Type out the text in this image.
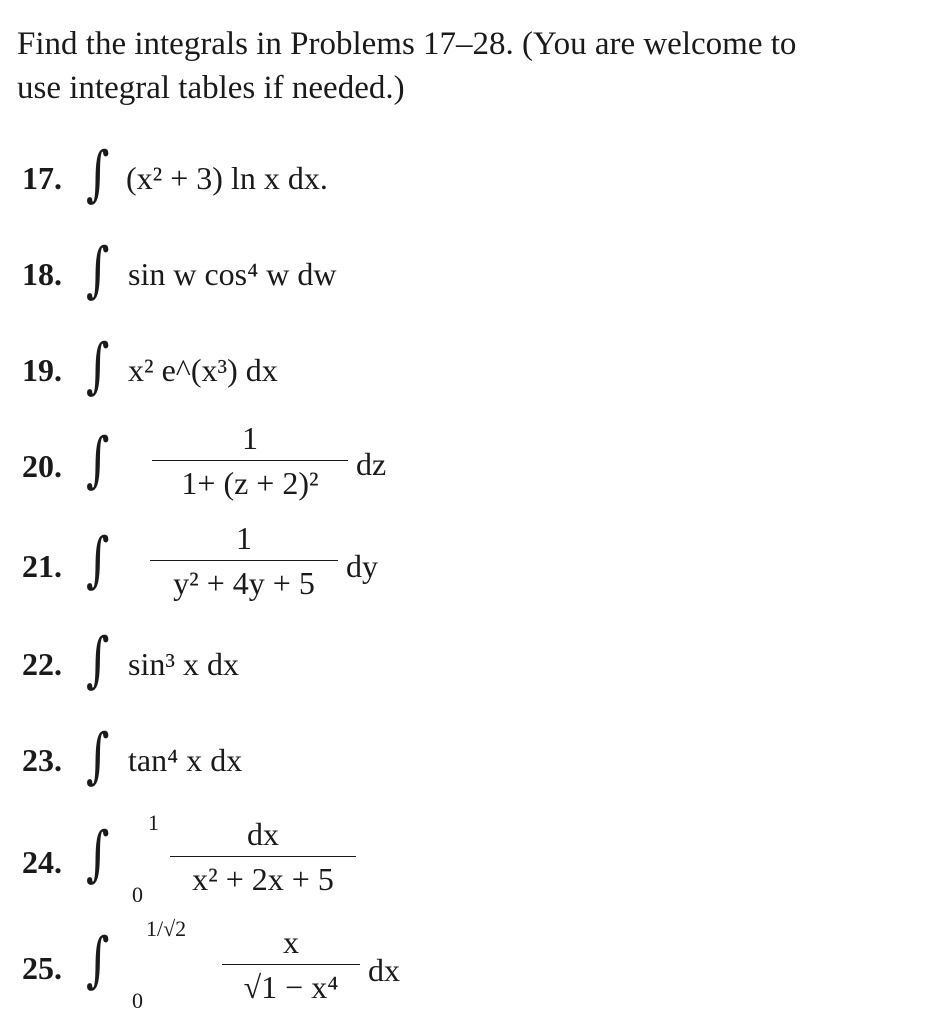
Find the integrals in Problems 17–28. (You are welcome to
use integral tables if needed.)
17. ∫ (x² + 3) ln x dx.
18. ∫ sin w cos⁴ w dw
19. ∫ x² e^(x³) dx
20. ∫	1
1+ (z + 2)²
dz
21. ∫	1
y² + 4y + 5 dy
22. ∫ sin³ x dx
23. ∫ tan⁴ x dx
24. ∫ 1
0
dx
x² + 2x + 5
25. ∫ 1/√2
0
x
√1 − x⁴ dx
